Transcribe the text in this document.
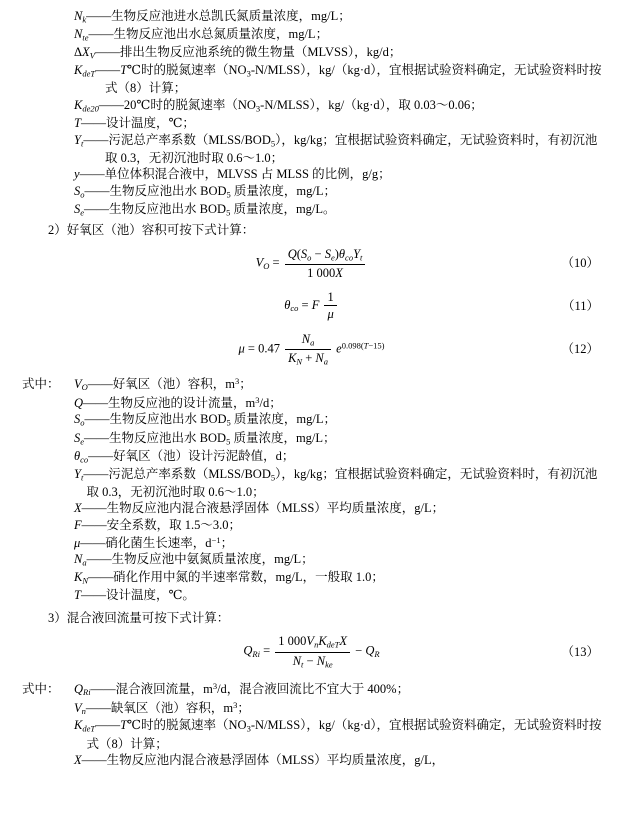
$N_k——$生物反应池进水总凯氏氮质量浓度，mg/L；
$N_{te}——$生物反应池出水总氮质量浓度，mg/L；
$\Delta X_V——$排出生物反应池系统的微生物量（MLVSS），kg/d；
$K_{deT}——T℃$时的脱氮速率$(NO_3-N/MLSS)$，kg/（kg·d），宜根据试验资料确定，无试验资料时按
式（8）计算；
$K_{de20}——20℃$时的脱氮速率$(NO_3-N/MLSS)$，kg/（kg·d），取 0.03～0.06；
T——设计温度，℃；
$Y_t——$污泥总产率系数$(MLSS/BOD_5)$，kg/kg；宜根据试验资料确定，无试验资料时，有初沉池
取 0.3，无初沉池时取 0.6～1.0；
y——单位体积混合液中，MLVSS 占 MLSS 的比例，g/g；
$S_o——$生物反应池出水 $BOD_5$ 质量浓度，mg/L；
$S_e——$生物反应池出水 $BOD_5$ 质量浓度，mg/L。
2）好氧区（池）容积可按下式计算：
$V_O = \frac{Q(S_o - S_e)\theta_{co}Y_t}{1 000X}$	（10）
$\theta_{co} = F \frac{1}{\mu}$	（11）
$\mu = 0.47 \frac{N_a}{K_N + N_a} e^{0.098(T-15)}$	（12）
式中： $V_O——$好氧区（池）容积，$m^3$；
Q——生物反应池的设计流量，$m^3/d$；
$S_o——$生物反应池出水 $BOD_5$ 质量浓度，mg/L；
$S_e——$生物反应池出水 $BOD_5$ 质量浓度，mg/L；
$\theta_{co}——$好氧区（池）设计污泥龄值，d；
$Y_t——$污泥总产率系数$(MLSS/BOD_5)$，kg/kg；宜根据试验资料确定，无试验资料时，有初沉池
取 0.3，无初沉池时取 0.6～1.0；
X——生物反应池内混合液悬浮固体（MLSS）平均质量浓度，g/L；
F——安全系数，取 1.5～3.0；
μ——硝化菌生长速率，$d^{-1}$；
$N_a——$生物反应池中氨氮质量浓度，mg/L；
$K_N——$硝化作用中氮的半速率常数，mg/L，一般取 1.0；
T——设计温度，℃。
3）混合液回流量可按下式计算：
$Q_{Ri} = \frac{1 000V_nK_{deT}X}{N_t - N_{ke}} - Q_R$	（13）
式中： $Q_{Ri}——$混合液回流量，$m^3/d$，混合液回流比不宜大于 400%；
$V_n——$缺氧区（池）容积，$m^3$；
$K_{deT}——T℃$时的脱氮速率$(NO_3-N/MLSS)$，kg/（kg·d），宜根据试验资料确定，无试验资料时按
式（8）计算；
X——生物反应池内混合液悬浮固体（MLSS）平均质量浓度，g/L，
